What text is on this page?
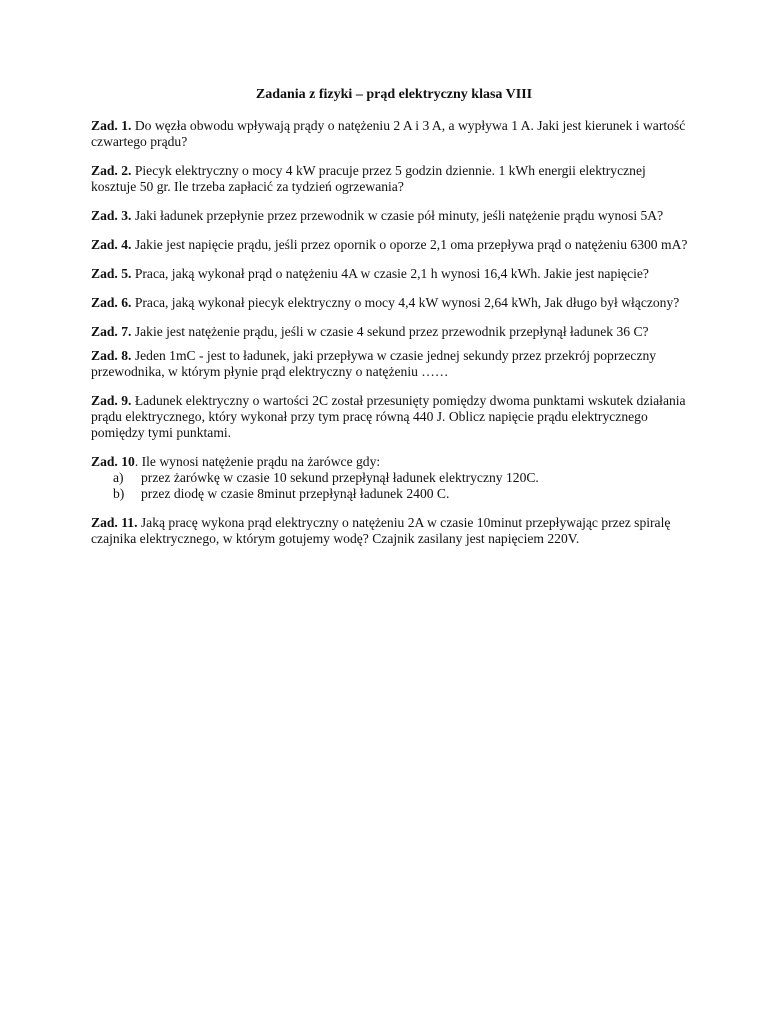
Zadania z fizyki – prąd elektryczny klasa VIII
Zad. 1. Do węzła obwodu wpływają prądy o natężeniu 2 A i 3 A, a wypływa 1 A. Jaki jest kierunek i wartość czwartego prądu?
Zad. 2. Piecyk elektryczny o mocy 4 kW pracuje przez 5 godzin dziennie. 1 kWh energii elektrycznej kosztuje 50 gr. Ile trzeba zapłacić za tydzień ogrzewania?
Zad. 3. Jaki ładunek przepłynie przez przewodnik w czasie pół minuty, jeśli natężenie prądu wynosi 5A?
Zad. 4. Jakie jest napięcie prądu, jeśli przez opornik o oporze 2,1 oma przepływa prąd o natężeniu 6300 mA?
Zad. 5. Praca, jaką wykonał prąd o natężeniu 4A w czasie 2,1 h wynosi 16,4 kWh. Jakie jest napięcie?
Zad. 6. Praca, jaką wykonał piecyk elektryczny o mocy 4,4 kW wynosi 2,64 kWh, Jak długo był włączony?
Zad. 7. Jakie jest natężenie prądu, jeśli w czasie 4 sekund przez przewodnik przepłynął ładunek 36 C?
Zad. 8. Jeden 1mC - jest to ładunek, jaki przepływa w czasie jednej sekundy przez przekrój poprzeczny przewodnika, w którym płynie prąd elektryczny o natężeniu ……
Zad. 9. Ładunek elektryczny o wartości 2C został przesunięty pomiędzy dwoma punktami wskutek działania prądu elektrycznego, który wykonał przy tym pracę równą 440 J. Oblicz napięcie prądu elektrycznego pomiędzy tymi punktami.
Zad. 10. Ile wynosi natężenie prądu na żarówce gdy:
a) przez żarówkę w czasie 10 sekund przepłynął ładunek elektryczny 120C.
b) przez diodę w czasie 8minut przepłynął ładunek 2400 C.
Zad. 11. Jaką pracę wykona prąd elektryczny o natężeniu 2A w czasie 10minut przepływając przez spiralę czajnika elektrycznego, w którym gotujemy wodę? Czajnik zasilany jest napięciem 220V.
